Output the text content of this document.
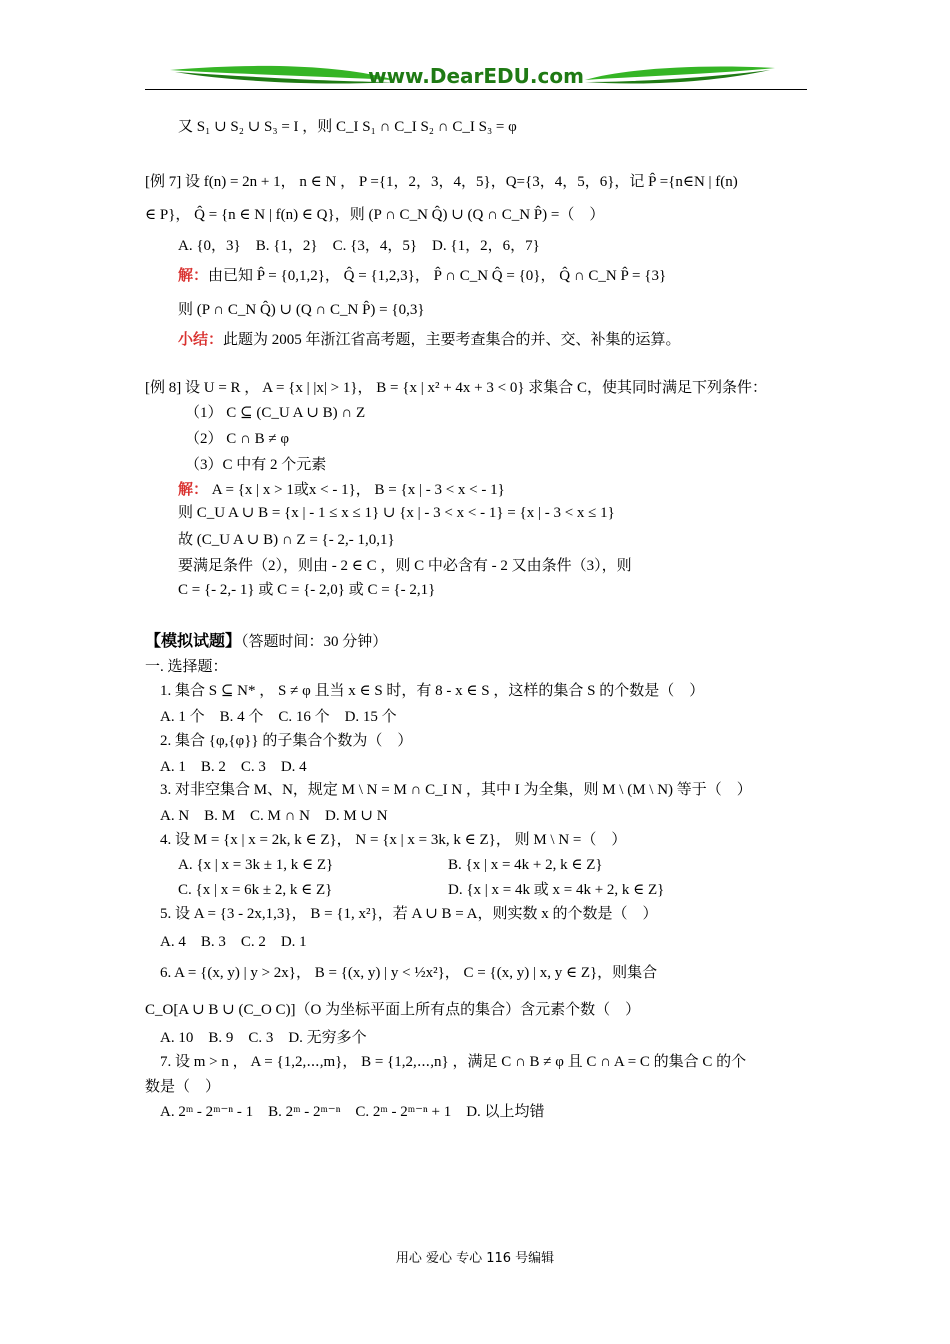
www.DearEDU.com
又 S₁ ∪ S₂ ∪ S₃ = I ，则 C_I S₁ ∩ C_I S₂ ∩ C_I S₃ = φ
[例 7] 设 f(n) = 2n + 1， n ∈ N ， P ={1，2，3，4，5}，Q={3，4，5，6}，记 P̂ ={n∈N | f(n)
∈ P}， Q̂ = {n ∈ N | f(n) ∈ Q}，则 (P ∩ C_N Q̂) ∪ (Q ∩ C_N P̂) =（　）
A. {0，3}　B. {1，2}　C. {3，4，5}　D. {1，2，6，7}
解：由已知 P̂ = {0,1,2}， Q̂ = {1,2,3}， P̂ ∩ C_N Q̂ = {0}， Q̂ ∩ C_N P̂ = {3}
则 (P ∩ C_N Q̂) ∪ (Q ∩ C_N P̂) = {0,3}
小结：此题为 2005 年浙江省高考题，主要考查集合的并、交、补集的运算。
[例 8] 设 U = R ， A = {x | |x| > 1}， B = {x | x² + 4x + 3 < 0} 求集合 C，使其同时满足下列条件：
（1） C ⊆ (C_U A ∪ B) ∩ Z
（2） C ∩ B ≠ φ
（3）C 中有 2 个元素
解： A = {x | x > 1或x < - 1}， B = {x | - 3 < x < - 1}
则 C_U A ∪ B = {x | - 1 ≤ x ≤ 1} ∪ {x | - 3 < x < - 1} = {x | - 3 < x ≤ 1}
故 (C_U A ∪ B) ∩ Z = {- 2,- 1,0,1}
要满足条件（2），则由 - 2 ∈ C ，则 C 中必含有 - 2 又由条件（3），则
C = {- 2,- 1} 或 C = {- 2,0} 或 C = {- 2,1}
【模拟试题】（答题时间：30 分钟）
一. 选择题：
1. 集合 S ⊆ N* ， S ≠ φ 且当 x ∈ S 时，有 8 - x ∈ S ，这样的集合 S 的个数是（　）
A. 1 个　B. 4 个　C. 16 个　D. 15 个
2. 集合 {φ,{φ}} 的子集合个数为（　）
A. 1　B. 2　C. 3　D. 4
3. 对非空集合 M、N，规定 M \ N = M ∩ C_I N ，其中 I 为全集，则 M \ (M \ N) 等于（　）
A. N　B. M　C. M ∩ N　D. M ∪ N
4. 设 M = {x | x = 2k, k ∈ Z}， N = {x | x = 3k, k ∈ Z}， 则 M \ N =（　）
A. {x | x = 3k ± 1, k ∈ Z}	B. {x | x = 4k + 2, k ∈ Z}
C. {x | x = 6k ± 2, k ∈ Z}	D. {x | x = 4k 或 x = 4k + 2, k ∈ Z}
5. 设 A = {3 - 2x,1,3}， B = {1, x²}，若 A ∪ B = A，则实数 x 的个数是（　）
A. 4　B. 3　C. 2　D. 1
6. A = {(x, y) | y > 2x}， B = {(x, y) | y < ½x²}， C = {(x, y) | x, y ∈ Z}，则集合
C_O[A ∪ B ∪ (C_O C)]（O 为坐标平面上所有点的集合）含元素个数（　）
A. 10　B. 9　C. 3　D. 无穷多个
7. 设 m > n ， A = {1,2,⋯,m}， B = {1,2,⋯,n} ，满足 C ∩ B ≠ φ 且 C ∩ A = C 的集合 C 的个
数是（　）
A. 2ᵐ - 2ᵐ⁻ⁿ - 1　B. 2ᵐ - 2ᵐ⁻ⁿ　C. 2ᵐ - 2ᵐ⁻ⁿ + 1　D. 以上均错
用心 爱心 专心 116 号编辑
